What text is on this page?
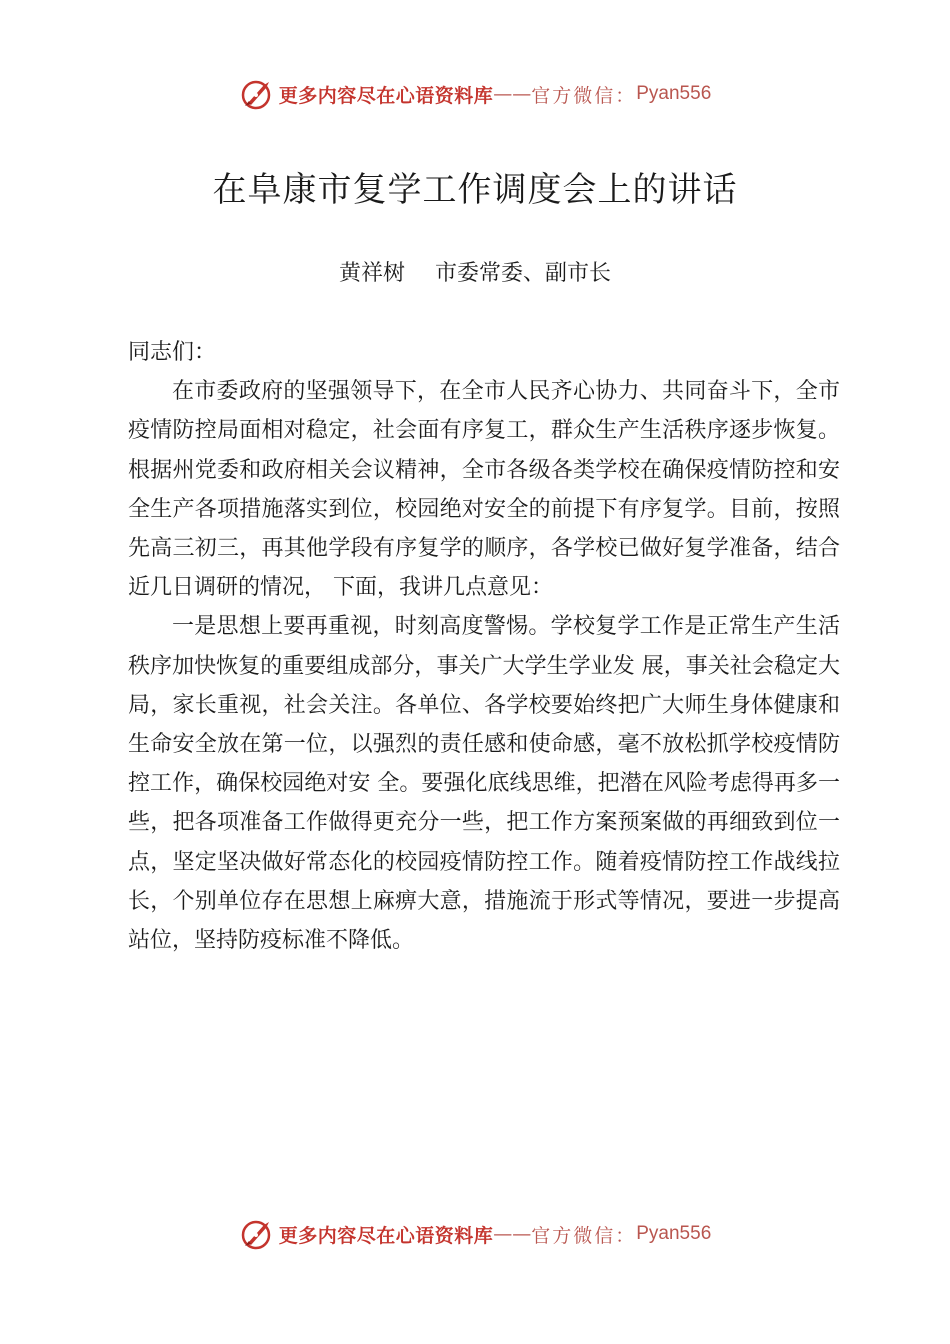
更多内容尽在心语资料库 —— 官方微信： Pyan556
在阜康市复学工作调度会上的讲话
黄祥树 市委常委、副市长

同志们：

在市委政府的坚强领导下，在全市人民齐心协力、共同奋斗下，全市疫情防控局面相对稳定，社会面有序复工，群众生产生活秩序逐步恢复。根据州党委和政府相关会议精神，全市各级各类学校在确保疫情防控和安全生产各项措施落实到位，校园绝对安全的前提下有序复学。目前，按照先高三初三，再其他学段有序复学的顺序，各学校已做好复学准备，结合近几日调研的情况， 下面，我讲几点意见：

一是思想上要再重视，时刻高度警惕。学校复学工作是正常生产生活秩序加快恢复的重要组成部分，事关广大学生学业发 展，事关社会稳定大局，家长重视，社会关注。各单位、各学校要始终把广大师生身体健康和生命安全放在第一位，以强烈的责任感和使命感，毫不放松抓学校疫情防控工作，确保校园绝对安 全。要强化底线思维，把潜在风险考虑得再多一些，把各项准备工作做得更充分一些，把工作方案预案做的再细致到位一点，坚定坚决做好常态化的校园疫情防控工作。随着疫情防控工作战线拉长，个别单位存在思想上麻痹大意，措施流于形式等情况，要进一步提高站位，坚持防疫标准不降低。

更多内容尽在心语资料库 —— 官方微信： Pyan556
